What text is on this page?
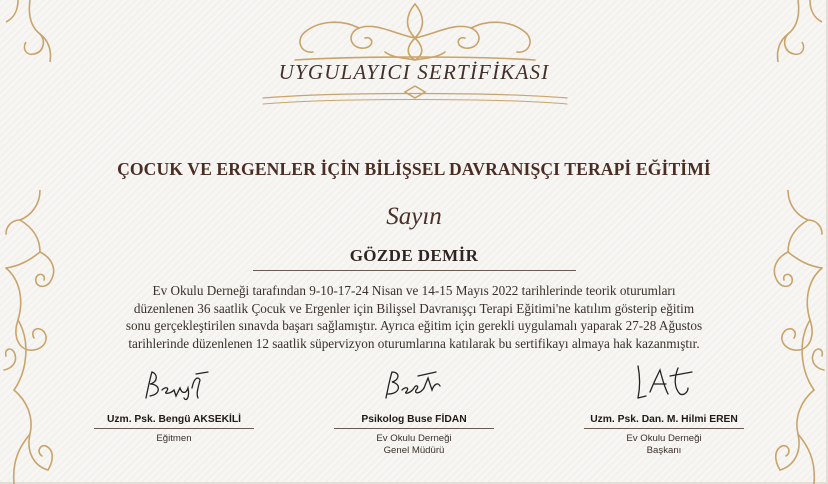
UYGULAYICI SERTİFİKASI
ÇOCUK VE ERGENLER İÇİN BİLİŞSEL DAVRANIŞÇI TERAPİ EĞİTİMİ
Sayın
GÖZDE DEMİR
Ev Okulu Derneği tarafından 9-10-17-24 Nisan ve 14-15 Mayıs 2022 tarihlerinde teorik oturumları
düzenlenen 36 saatlik Çocuk ve Ergenler için Bilişsel Davranışçı Terapi Eğitimi'ne katılım gösterip eğitim
sonu gerçekleştirilen sınavda başarı sağlamıştır. Ayrıca eğitim için gerekli uygulamalı yaparak 27-28 Ağustos
tarihlerinde düzenlenen 12 saatlik süpervizyon oturumlarına katılarak bu sertifikayı almaya hak kazanmıştır.
Uzm. Psk. Bengü AKSEKİLİ
Eğitmen
Psikolog Buse FİDAN
Ev Okulu Derneği
Genel Müdürü
Uzm. Psk. Dan. M. Hilmi EREN
Ev Okulu Derneği
Başkanı
